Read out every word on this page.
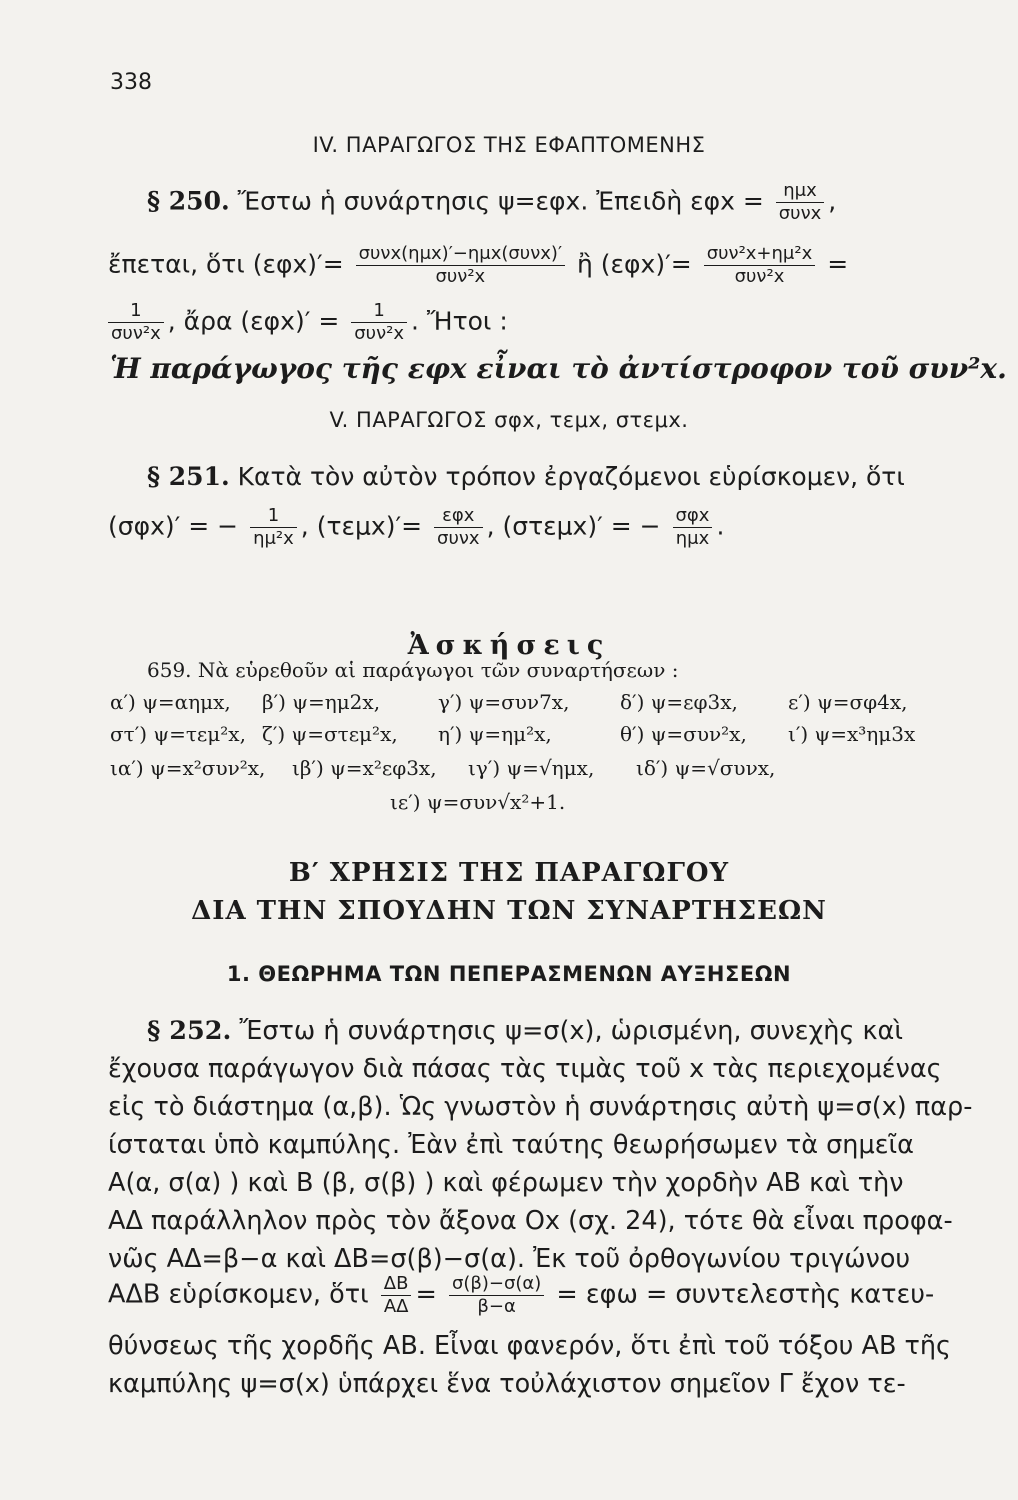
338
IV. ΠΑΡΑΓΩΓΟΣ ΤΗΣ ΕΦΑΠΤΟΜΕΝΗΣ
§ 250. Ἔστω ἡ συνάρτησις ψ=εφx. Ἐπειδὴ $\varepsilon\varphi x = \frac{\text{ημx}}{\text{συνx}}$ ,
ἔπεται, ὅτι $(\varepsilon\varphi x)'= \frac{\text{συνx(ημx)′−ημx(συνx)′}}{\text{συν²x}}$ ἢ $(\varepsilon\varphi x)'= \frac{\text{συν²x+ημ²x}}{\text{συν²x}}$ =
$\frac{1}{\text{συν²x}}$ , ἄρα $(\varepsilon\varphi x)' = \frac{1}{\text{συν²x}}$ . Ἤτοι :
Ἡ παράγωγος τῆς εφx εἶναι τὸ ἀντίστροφον τοῦ συν²x.
V. ΠΑΡΑΓΩΓΟΣ σφx, τεμx, στεμx.
§ 251. Κατὰ τὸν αὐτὸν τρόπον ἐργαζόμενοι εὑρίσκομεν, ὅτι
(σφx)′ = − $\frac{1}{\text{ημ²x}}$ , $(\tau\varepsilon\mu x)'= \frac{\text{εφx}}{\text{συνx}}$ , (στεμx)′ = − $\frac{\text{σφx}}{\text{ημx}}$ .
Ἀσκήσεις
659. Νὰ εὑρεθοῦν αἱ παράγωγοι τῶν συναρτήσεων :
α′) ψ=αημx, β′) ψ=ημ2x,	γ′) ψ=συν7x,	δ′) ψ=εφ3x,	ε′) ψ=σφ4x,
στ′) ψ=τεμ²x, ζ′) ψ=στεμ²x, η′) ψ=ημ²x,	θ′) ψ=συν²x, ι′) ψ=x³ημ3x
ια′) ψ=x²συν²x, ιβ′) ψ=x²εφ3x, ιγ′) ψ=√ημx, ιδ′) ψ=√συνx,
ιε′) ψ=συν√x²+1.
Β′ ΧΡΗΣΙΣ ΤΗΣ ΠΑΡΑΓΩΓΟΥ
ΔΙΑ ΤΗΝ ΣΠΟΥΔΗΝ ΤΩΝ ΣΥΝΑΡΤΗΣΕΩΝ
1. ΘΕΩΡΗΜΑ ΤΩΝ ΠΕΠΕΡΑΣΜΕΝΩΝ ΑΥΞΗΣΕΩΝ
§ 252. Ἔστω ἡ συνάρτησις ψ=σ(x), ὡρισμένη, συνεχὴς καὶ
ἔχουσα παράγωγον διὰ πάσας τὰς τιμὰς τοῦ x τὰς περιεχομένας
εἰς τὸ διάστημα (α,β). Ὡς γνωστὸν ἡ συνάρτησις αὐτὴ ψ=σ(x) παρ-
ίσταται ὑπὸ καμπύλης. Ἐὰν ἐπὶ ταύτης θεωρήσωμεν τὰ σημεῖα
Α(α, σ(α) ) καὶ Β (β, σ(β) ) καὶ φέρωμεν τὴν χορδὴν ΑΒ καὶ τὴν
ΑΔ παράλληλον πρὸς τὸν ἄξονα Οx (σχ. 24), τότε θὰ εἶναι προφα-
νῶς ΑΔ=β−α καὶ ΔΒ=σ(β)−σ(α). Ἐκ τοῦ ὀρθογωνίου τριγώνου
ΑΔΒ εὑρίσκομεν, ὅτι $\frac{\Delta B}{A\Delta} = \frac{\sigma(\beta)-\sigma(\alpha)}{\beta-\alpha} = \varepsilon\varphi\omega$ = συντελεστὴς κατευ-
θύνσεως τῆς χορδῆς ΑΒ. Εἶναι φανερόν, ὅτι ἐπὶ τοῦ τόξου ΑΒ τῆς
καμπύλης ψ=σ(x) ὑπάρχει ἕνα τοὐλάχιστον σημεῖον Γ ἔχον τε-
